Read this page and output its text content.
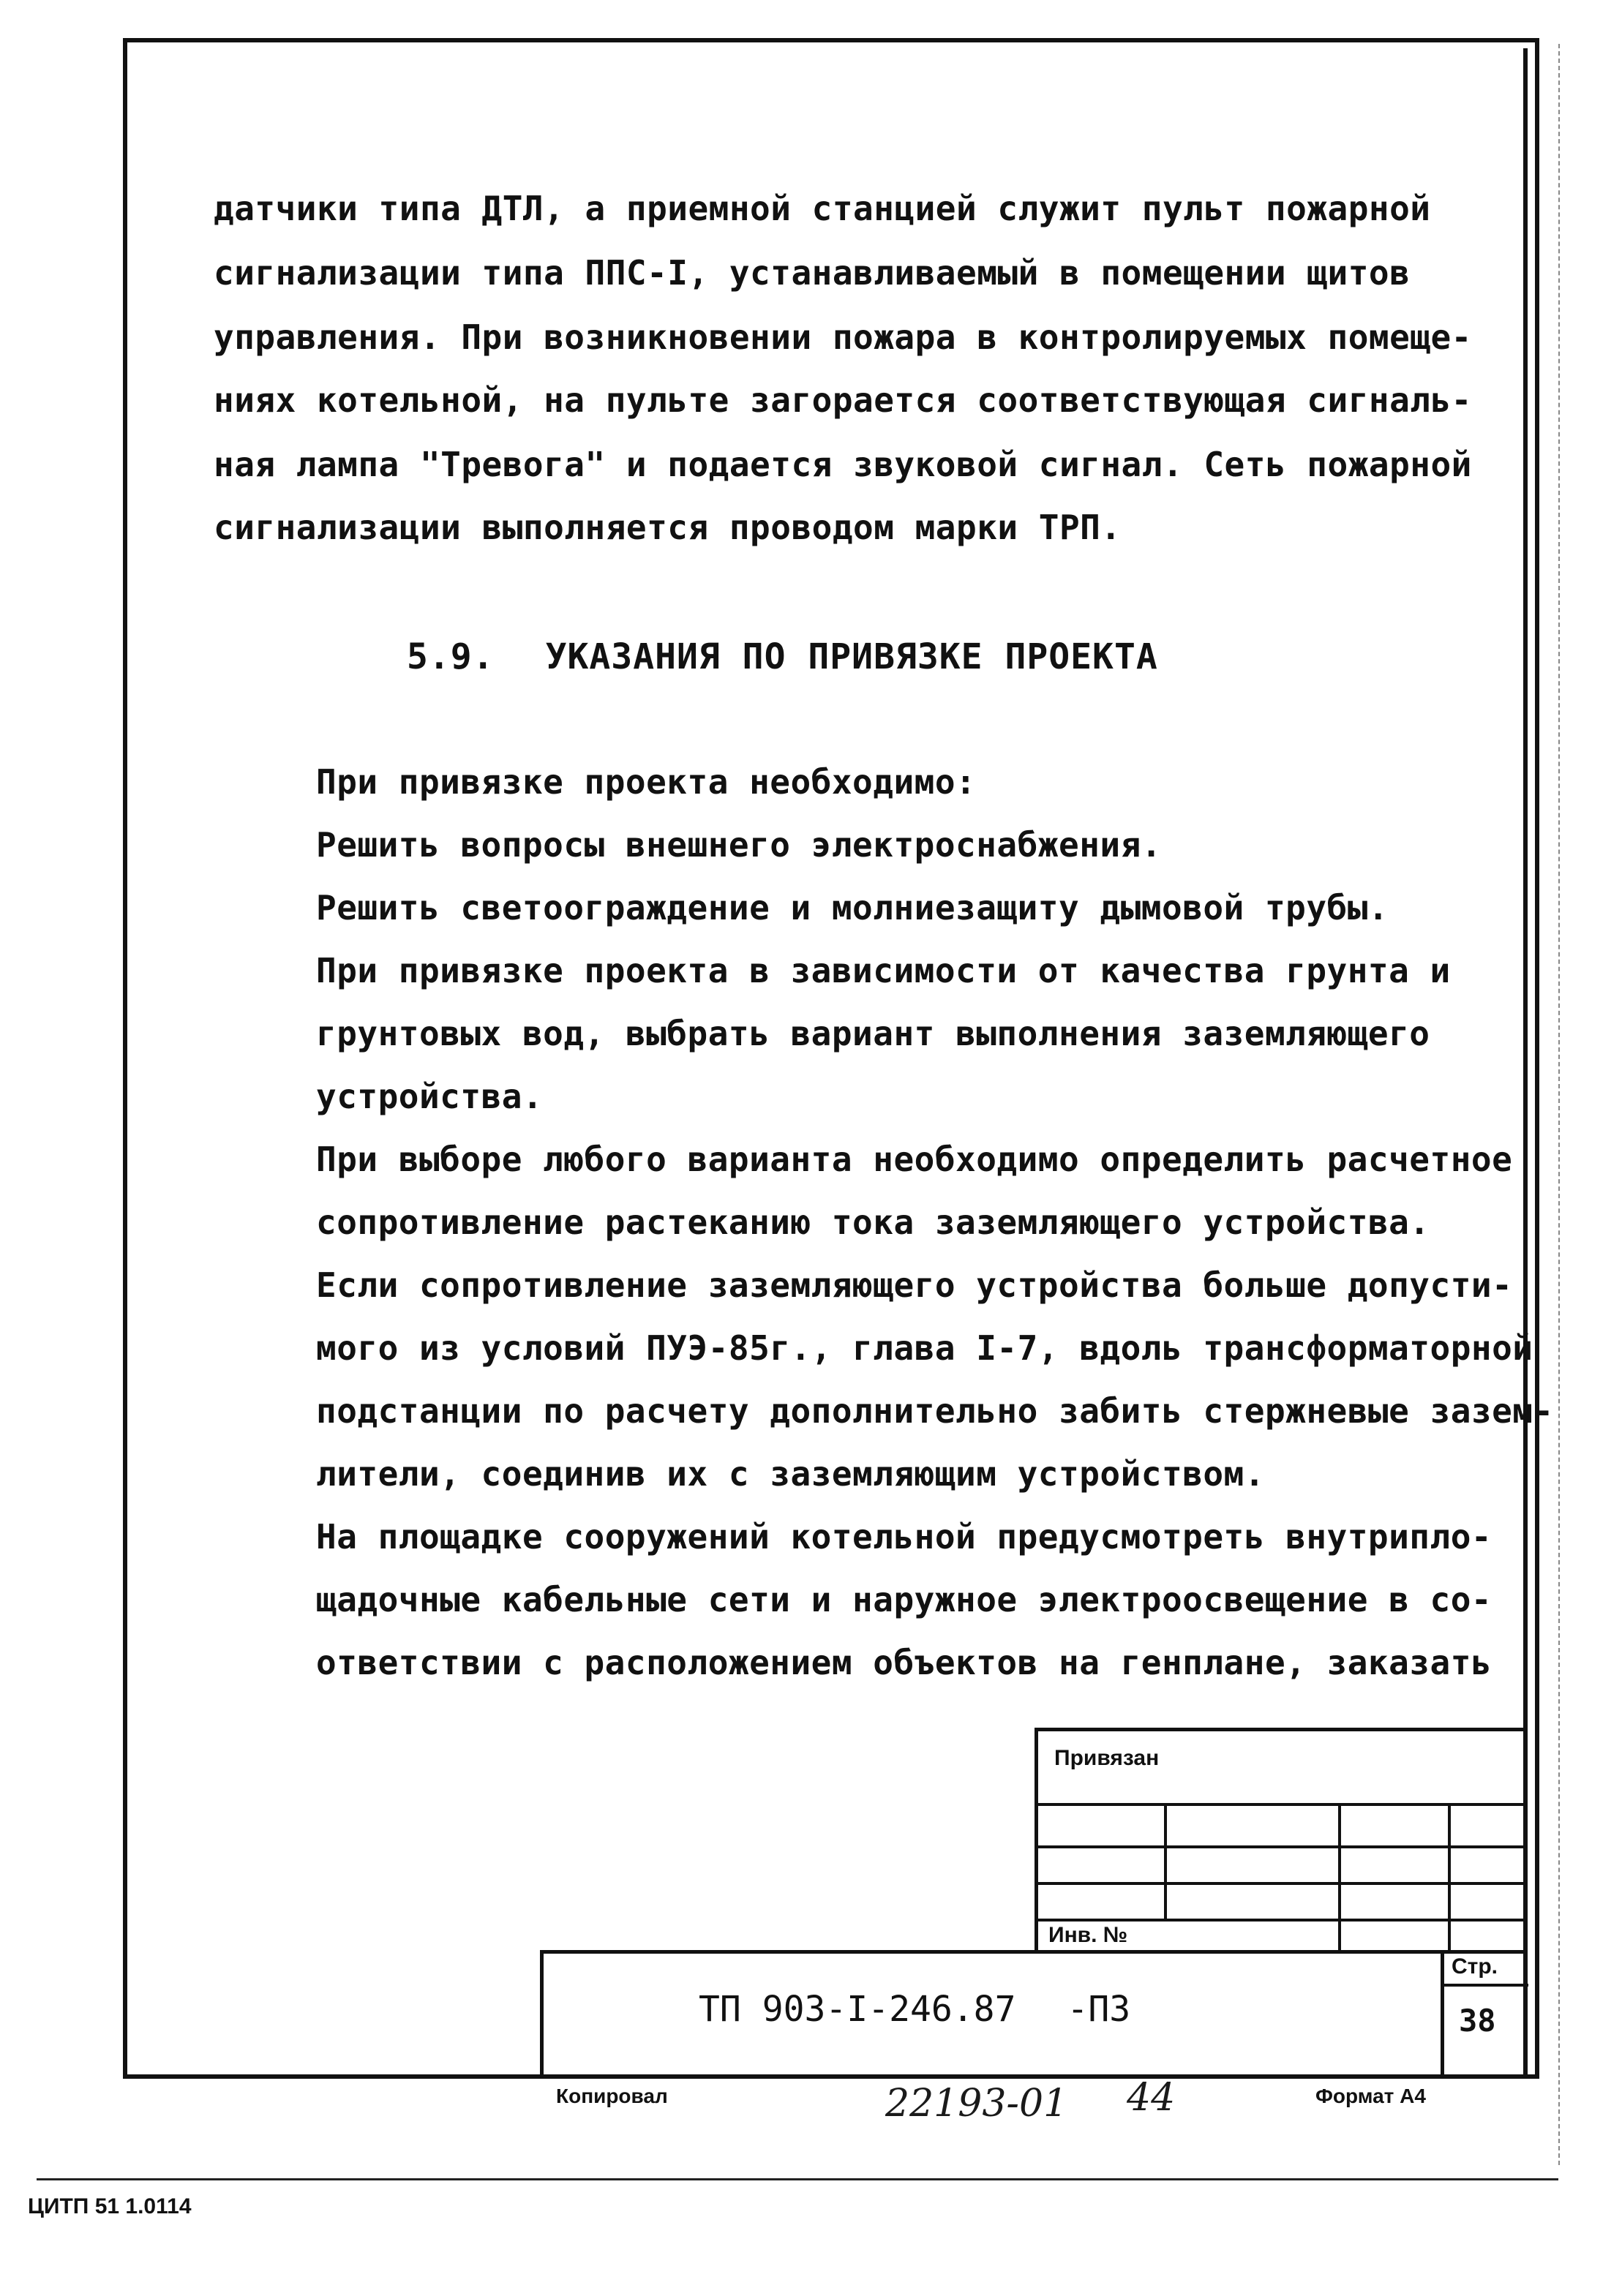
датчики типа ДТЛ, а приемной станцией служит пульт пожарной

сигнализации типа ППС-I, устанавливаемый в помещении щитов

управления. При возникновении пожара в контролируемых помеще-

ниях котельной, на пульте загорается соответствующая сигналь-

ная лампа "Тревога" и подается звуковой сигнал. Сеть пожарной

сигнализации выполняется проводом марки ТРП.

5.9. УКАЗАНИЯ ПО ПРИВЯЗКЕ ПРОЕКТА

При привязке проекта необходимо:

Решить вопросы внешнего электроснабжения.

Решить светоограждение и молниезащиту дымовой трубы.

При привязке проекта в зависимости от качества грунта и

грунтовых вод, выбрать вариант выполнения заземляющего

устройства.

При выборе любого варианта необходимо определить расчетное

сопротивление растеканию тока заземляющего устройства.

Если сопротивление заземляющего устройства больше допусти-

мого из условий ПУЭ-85г., глава I-7, вдоль трансформаторной

подстанции по расчету дополнительно забить стержневые зазем-

лители, соединив их с заземляющим устройством.

На площадке сооружений котельной предусмотреть внутрипло-

щадочные кабельные сети и наружное электроосвещение в со-

ответствии с расположением объектов на генплане, заказать

Привязан

Инв. №

ТП 903-I-246.87 -ПЗ

Стр.

38

Копировал	22193-01 44	Формат А4

ЦИТП 51 1.0114
